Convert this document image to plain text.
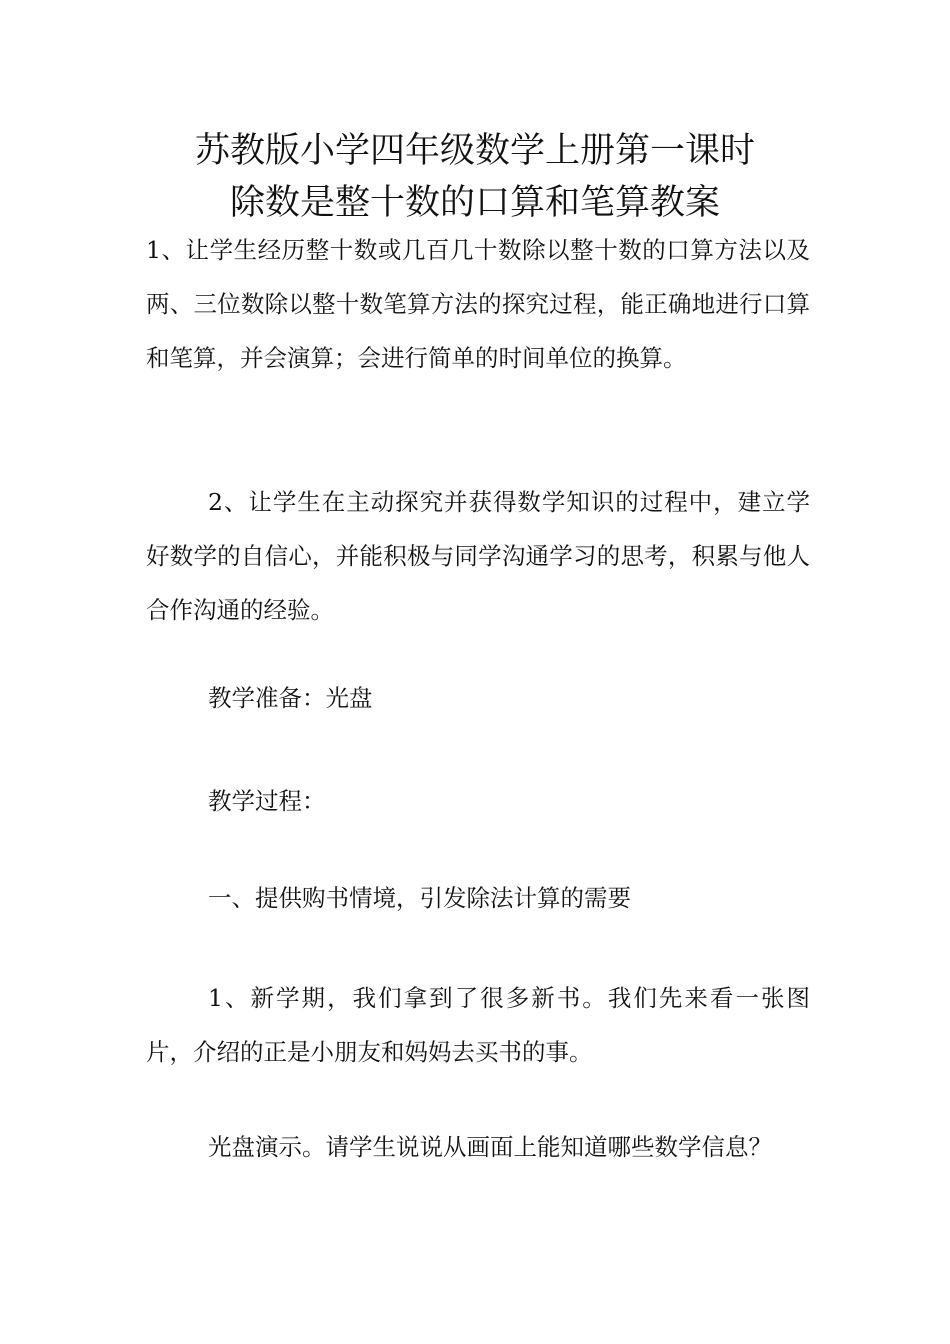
苏教版小学四年级数学上册第一课时
除数是整十数的口算和笔算教案

1、让学生经历整十数或几百几十数除以整十数的口算方法以及两、三位数除以整十数笔算方法的探究过程，能正确地进行口算和笔算，并会演算；会进行简单的时间单位的换算。

2、让学生在主动探究并获得数学知识的过程中，建立学好数学的自信心，并能积极与同学沟通学习的思考，积累与他人合作沟通的经验。

教学准备：光盘

教学过程：

一、提供购书情境，引发除法计算的需要

1、新学期，我们拿到了很多新书。我们先来看一张图片，介绍的正是小朋友和妈妈去买书的事。

光盘演示。请学生说说从画面上能知道哪些数学信息？
